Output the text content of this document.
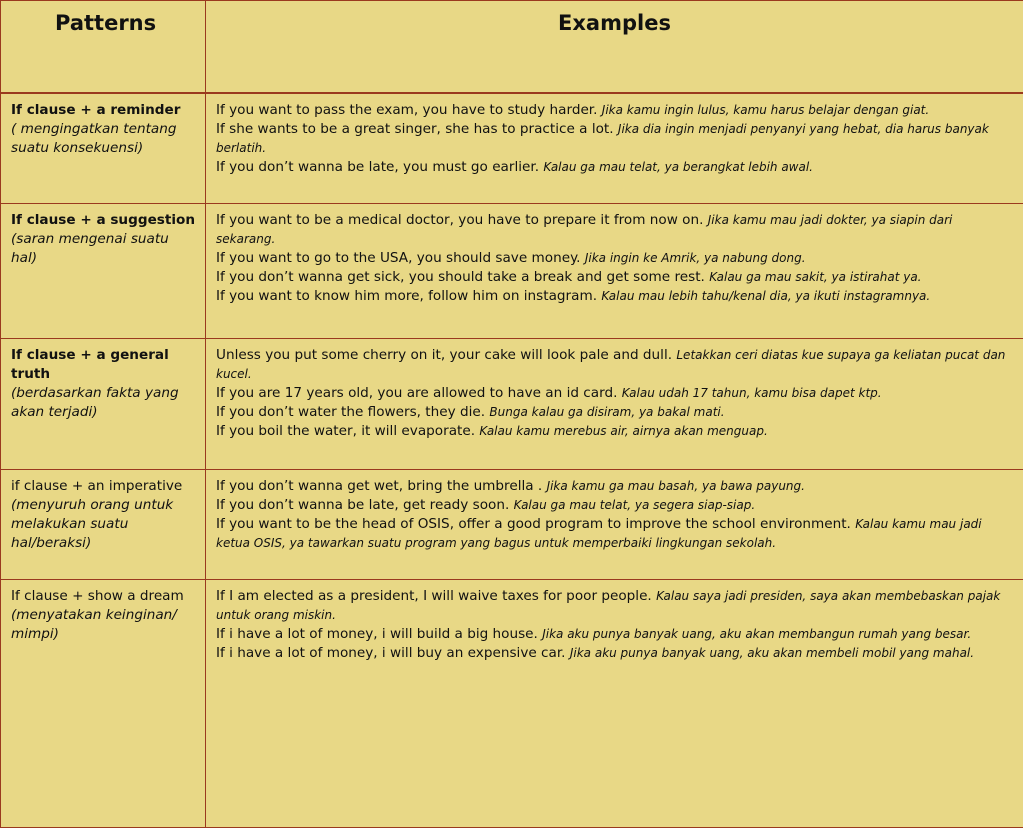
Patterns	Examples

If clause + a reminder
( mengingatkan tentang suatu konsekuensi)	If you want to pass the exam, you have to study harder. Jika kamu ingin lulus, kamu harus belajar dengan giat.
If she wants to be a great singer, she has to practice a lot. Jika dia ingin menjadi penyanyi yang hebat, dia harus banyak berlatih.
If you don’t wanna be late, you must go earlier. Kalau ga mau telat, ya berangkat lebih awal.

If clause + a suggestion
(saran mengenai suatu hal)	If you want to be a medical doctor, you have to prepare it from now on. Jika kamu mau jadi dokter, ya siapin dari sekarang.
If you want to go to the USA, you should save money. Jika ingin ke Amrik, ya nabung dong.
If you don’t wanna get sick, you should take a break and get some rest. Kalau ga mau sakit, ya istirahat ya.
If you want to know him more, follow him on instagram. Kalau mau lebih tahu/kenal dia, ya ikuti instagramnya.

If clause + a general truth
(berdasarkan fakta yang akan terjadi)	Unless you put some cherry on it, your cake will look pale and dull. Letakkan ceri diatas kue supaya ga keliatan pucat dan kucel.
If you are 17 years old, you are allowed to have an id card. Kalau udah 17 tahun, kamu bisa dapet ktp.
If you don’t water the flowers, they die. Bunga kalau ga disiram, ya bakal mati.
If you boil the water, it will evaporate. Kalau kamu merebus air, airnya akan menguap.

if clause + an imperative
(menyuruh orang untuk melakukan suatu hal/beraksi)	If you don’t wanna get wet, bring the umbrella . Jika kamu ga mau basah, ya bawa payung.
If you don’t wanna be late, get ready soon. Kalau ga mau telat, ya segera siap-siap.
If you want to be the head of OSIS, offer a good program to improve the school environment. Kalau kamu mau jadi ketua OSIS, ya tawarkan suatu program yang bagus untuk memperbaiki lingkungan sekolah.

If clause + show a dream
(menyatakan keinginan/ mimpi)	If I am elected as a president, I will waive taxes for poor people. Kalau saya jadi presiden, saya akan membebaskan pajak untuk orang miskin.
If i have a lot of money, i will build a big house. Jika aku punya banyak uang, aku akan membangun rumah yang besar.
If i have a lot of money, i will buy an expensive car. Jika aku punya banyak uang, aku akan membeli mobil yang mahal.
